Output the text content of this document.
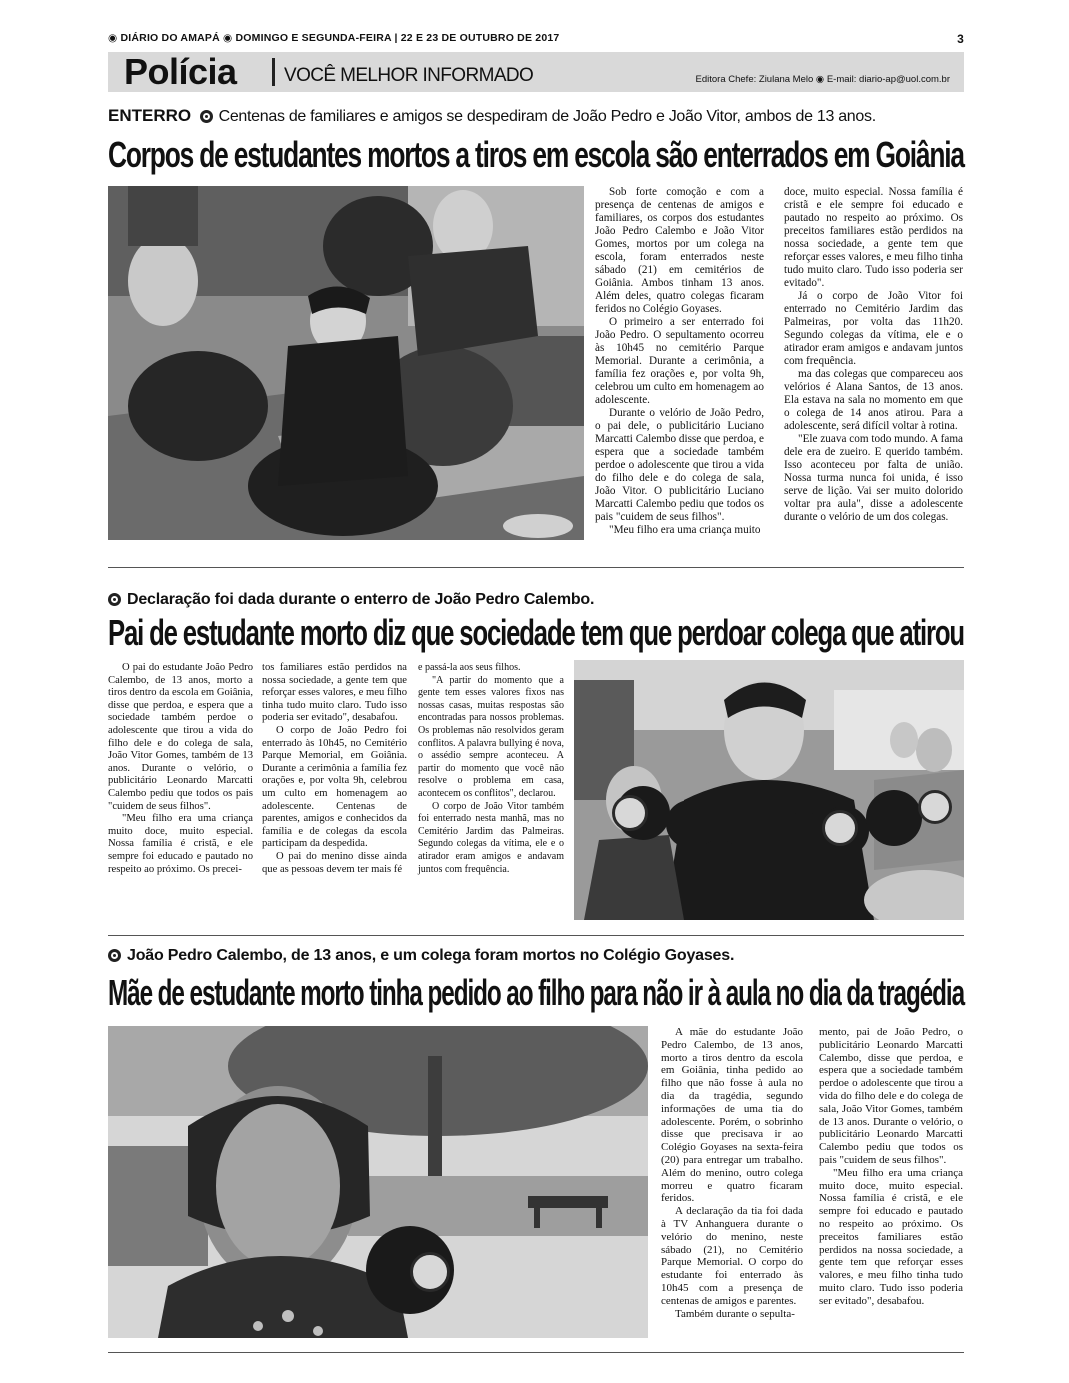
◉ DIÁRIO DO AMAPÁ ◉ DOMINGO E SEGUNDA-FEIRA | 22 E 23 DE OUTUBRO DE 2017	3
Polícia VOCÊ MELHOR INFORMADO	Editora Chefe: Ziulana Melo ◉ E-mail: diario-ap@uol.com.br
ENTERRO Centenas de familiares e amigos se despediram de João Pedro e João Vitor, ambos de 13 anos.
Corpos de estudantes mortos a tiros em escola são enterrados em Goiânia

Sob forte comoção e com a presença de centenas de amigos e familiares, os corpos dos estudantes João Pedro Calembo e João Vitor Gomes, mortos por um colega na escola, foram enterrados neste sábado (21) em cemitérios de Goiânia. Ambos tinham 13 anos. Além deles, quatro colegas ficaram feridos no Colégio Goyases.

O primeiro a ser enterrado foi João Pedro. O sepultamento ocorreu às 10h45 no cemitério Parque Memorial. Durante a cerimônia, a família fez orações e, por volta 9h, celebrou um culto em homenagem ao adolescente.

Durante o velório de João Pedro, o pai dele, o publicitário Luciano Marcatti Calembo disse que perdoa, e espera que a sociedade também perdoe o adolescente que tirou a vida do filho dele e do colega de sala, João Vitor. O publicitário Luciano Marcatti Calembo pediu que todos os pais "cuidem de seus filhos".

"Meu filho era uma criança muito

doce, muito especial. Nossa família é cristã e ele sempre foi educado e pautado no respeito ao próximo. Os preceitos familiares estão perdidos na nossa sociedade, a gente tem que reforçar esses valores, e meu filho tinha tudo muito claro. Tudo isso poderia ser evitado".

Já o corpo de João Vitor foi enterrado no Cemitério Jardim das Palmeiras, por volta das 11h20. Segundo colegas da vítima, ele e o atirador eram amigos e andavam juntos com frequência.

ma das colegas que compareceu aos velórios é Alana Santos, de 13 anos. Ela estava na sala no momento em que o colega de 14 anos atirou. Para a adolescente, será difícil voltar à rotina.

"Ele zuava com todo mundo. A fama dele era de zueiro. E querido também. Isso aconteceu por falta de união. Nossa turma nunca foi unida, é isso serve de lição. Vai ser muito dolorido voltar pra aula", disse a adolescente durante o velório de um dos colegas.

Declaração foi dada durante o enterro de João Pedro Calembo.
Pai de estudante morto diz que sociedade tem que perdoar colega que atirou

O pai do estudante João Pedro Calembo, de 13 anos, morto a tiros dentro da escola em Goiânia, disse que perdoa, e espera que a sociedade também perdoe o adolescente que tirou a vida do filho dele e do colega de sala, João Vitor Gomes, também de 13 anos. Durante o velório, o publicitário Leonardo Marcatti Calembo pediu que todos os pais "cuidem de seus filhos".

"Meu filho era uma criança muito doce, muito especial. Nossa família é cristã, e ele sempre foi educado e pautado no respeito ao próximo. Os precei-

tos familiares estão perdidos na nossa sociedade, a gente tem que reforçar esses valores, e meu filho tinha tudo muito claro. Tudo isso poderia ser evitado", desabafou.

O corpo de João Pedro foi enterrado às 10h45, no Cemitério Parque Memorial, em Goiânia. Durante a cerimônia a família fez orações e, por volta 9h, celebrou um culto em homenagem ao adolescente. Centenas de parentes, amigos e conhecidos da família e de colegas da escola participam da despedida.

O pai do menino disse ainda que as pessoas devem ter mais fé

e passá-la aos seus filhos.

"A partir do momento que a gente tem esses valores fixos nas nossas casas, muitas respostas são encontradas para nossos problemas. Os problemas não resolvidos geram conflitos. A palavra bullying é nova, o assédio sempre aconteceu. A partir do momento que você não resolve o problema em casa, acontecem os conflitos", declarou.

O corpo de João Vitor também foi enterrado nesta manhã, mas no Cemitério Jardim das Palmeiras. Segundo colegas da vítima, ele e o atirador eram amigos e andavam juntos com frequência.

João Pedro Calembo, de 13 anos, e um colega foram mortos no Colégio Goyases.
Mãe de estudante morto tinha pedido ao filho para não ir à aula no dia da tragédia

A mãe do estudante João Pedro Calembo, de 13 anos, morto a tiros dentro da escola em Goiânia, tinha pedido ao filho que não fosse à aula no dia da tragédia, segundo informações de uma tia do adolescente. Porém, o sobrinho disse que precisava ir ao Colégio Goyases na sexta-feira (20) para entregar um trabalho. Além do menino, outro colega morreu e quatro ficaram feridos.

A declaração da tia foi dada à TV Anhanguera durante o velório do menino, neste sábado (21), no Cemitério Parque Memorial. O corpo do estudante foi enterrado às 10h45 com a presença de centenas de amigos e parentes.

Também durante o sepulta-

mento, pai de João Pedro, o publicitário Leonardo Marcatti Calembo, disse que perdoa, e espera que a sociedade também perdoe o adolescente que tirou a vida do filho dele e do colega de sala, João Vitor Gomes, também de 13 anos. Durante o velório, o publicitário Leonardo Marcatti Calembo pediu que todos os pais "cuidem de seus filhos".

"Meu filho era uma criança muito doce, muito especial. Nossa família é cristã, e ele sempre foi educado e pautado no respeito ao próximo. Os preceitos familiares estão perdidos na nossa sociedade, a gente tem que reforçar esses valores, e meu filho tinha tudo muito claro. Tudo isso poderia ser evitado", desabafou.
